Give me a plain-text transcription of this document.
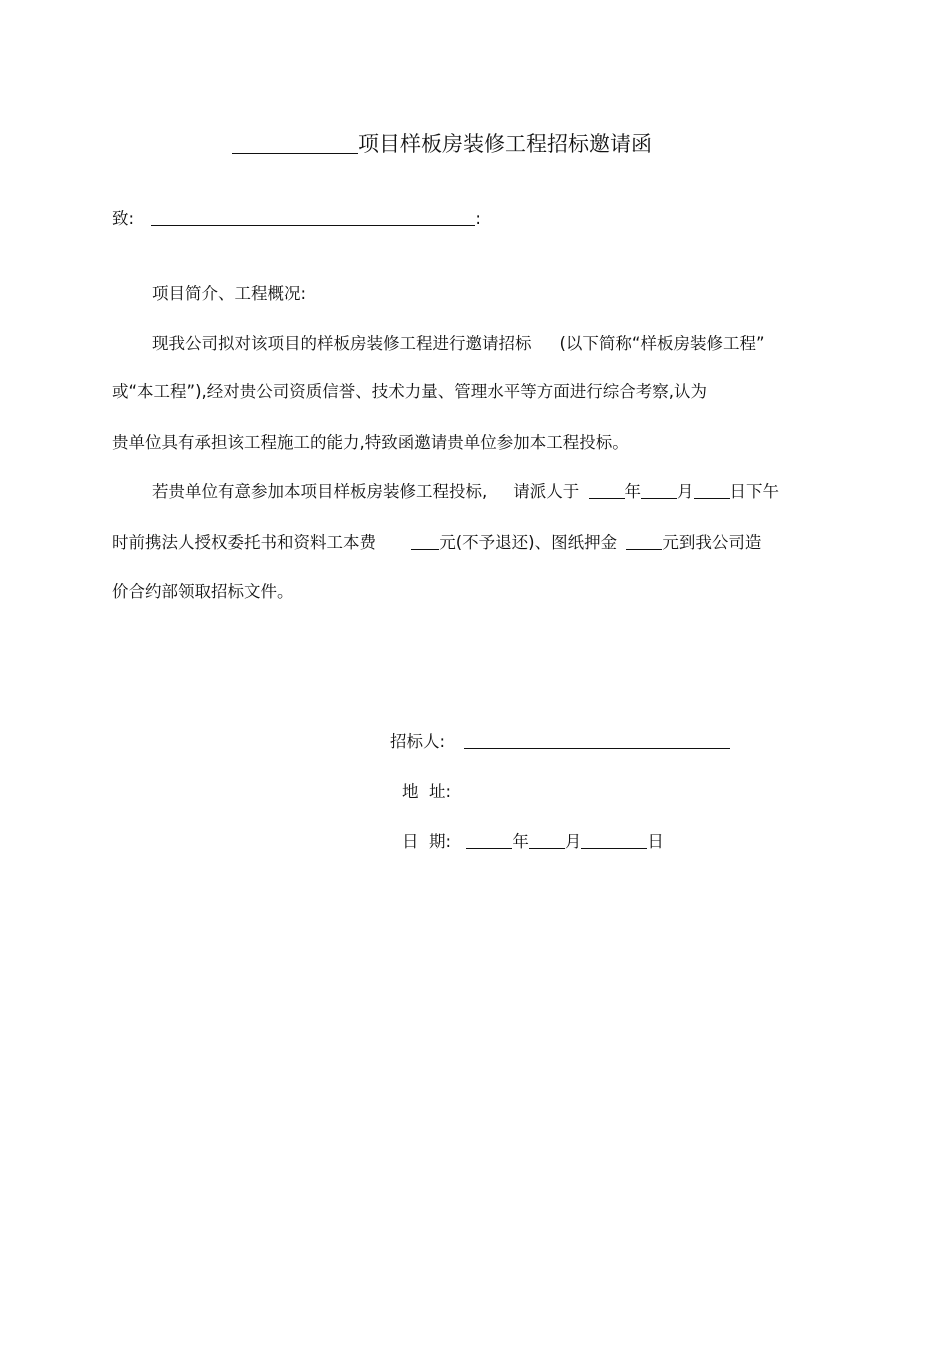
项目样板房装修工程招标邀请函
致:	:
项目简介、工程概况:
现我公司拟对该项目的样板房装修工程进行邀请招标 (以下简称“样板房装修工程”
或“本工程”),经对贵公司资质信誉、技术力量、管理水平等方面进行综合考察,认为
贵单位具有承担该工程施工的能力,特致函邀请贵单位参加本工程投标。
若贵单位有意参加本项目样板房装修工程投标, 请派人于	年 月 日下午
时前携法人授权委托书和资料工本费	元(不予退还)、图纸押金	元到我公司造
价合约部领取招标文件。
招标人:
地  址:
日  期:	年 月	日
